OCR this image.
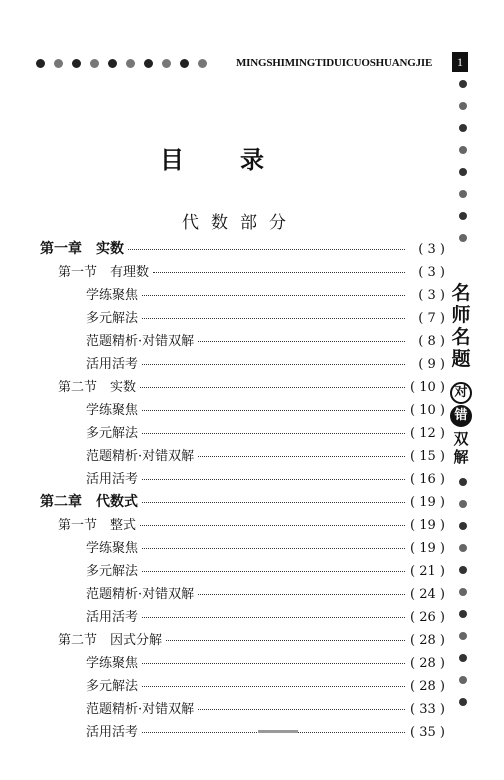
MINGSHIMINGTIDUICUOSHUANGJIE	1
名师名题
对
错
双解
目录
代数部分
第一章　实数	( 3 )
第一节　有理数	( 3 )
学练聚焦	( 3 )
多元解法	( 7 )
范题精析·对错双解	( 8 )
活用活考	( 9 )
第二节　实数	( 10 )
学练聚焦	( 10 )
多元解法	( 12 )
范题精析·对错双解	( 15 )
活用活考	( 16 )
第二章　代数式	( 19 )
第一节　整式	( 19 )
学练聚焦	( 19 )
多元解法	( 21 )
范题精析·对错双解	( 24 )
活用活考	( 26 )
第二节　因式分解	( 28 )
学练聚焦	( 28 )
多元解法	( 28 )
范题精析·对错双解	( 33 )
活用活考	( 35 )
